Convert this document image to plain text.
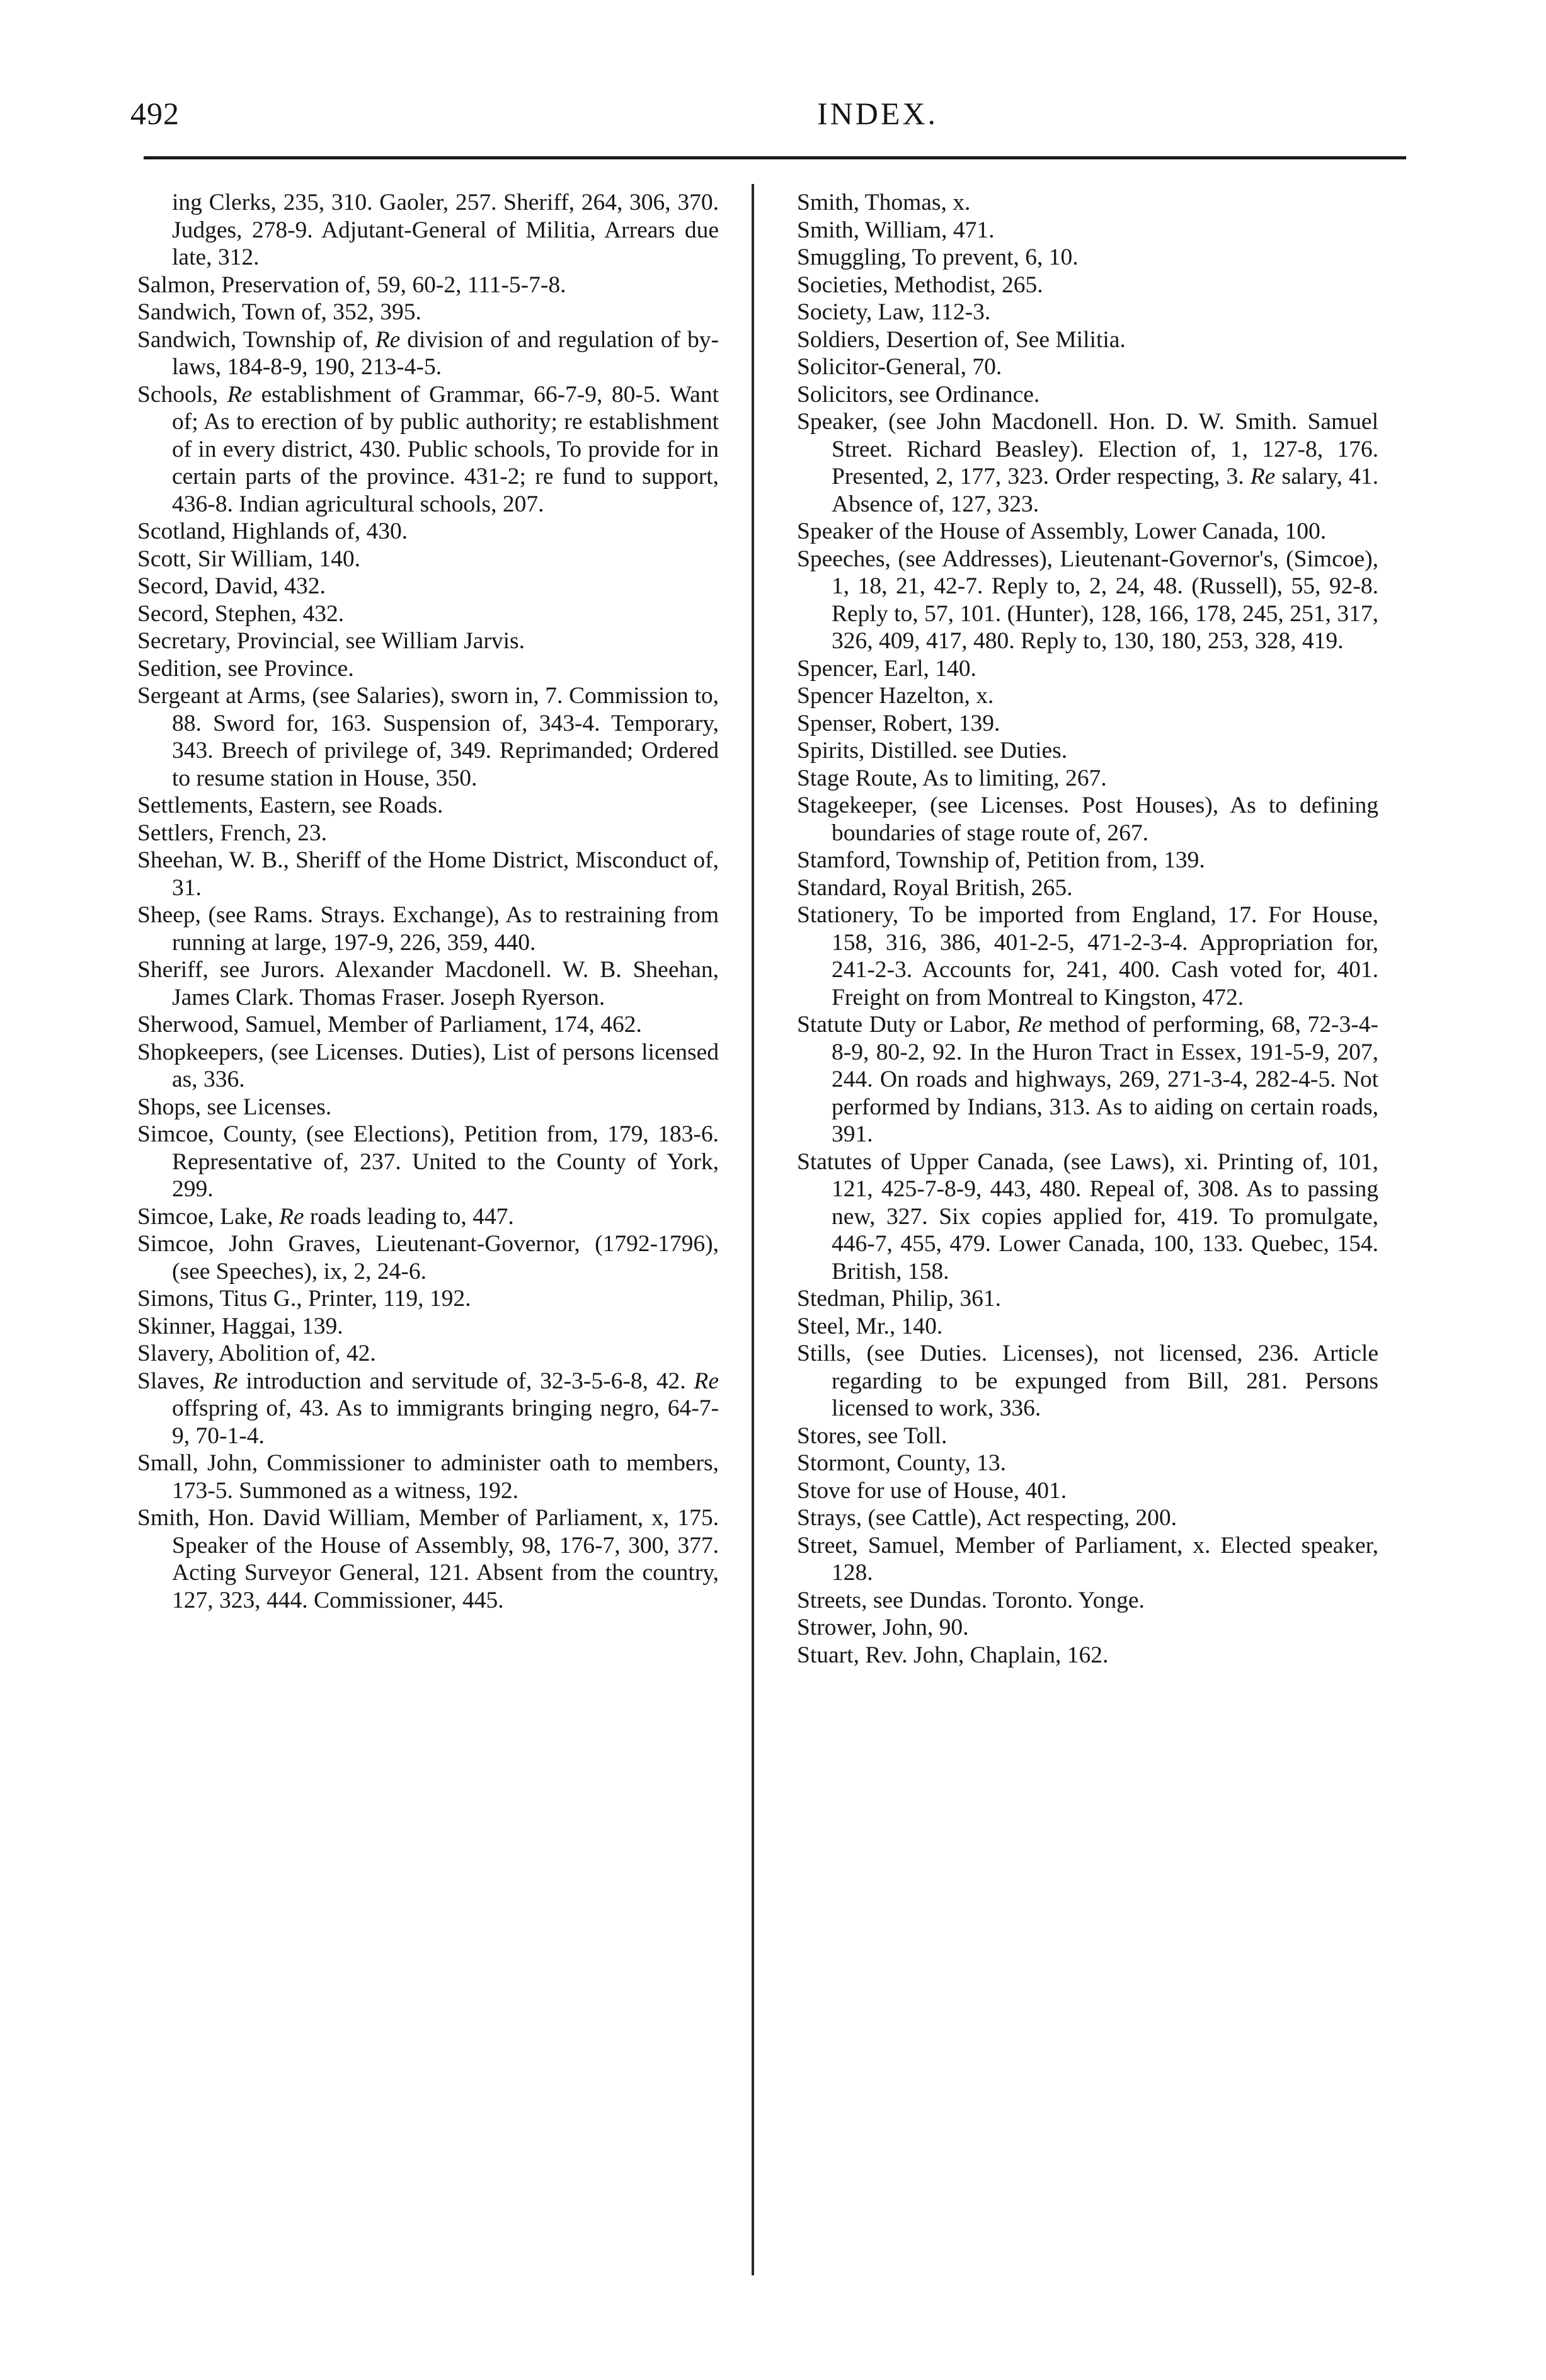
492	INDEX.

ing Clerks, 235, 310. Gaoler, 257. Sheriff, 264, 306, 370. Judges, 278-9. Adjutant-General of Militia, Arrears due late, 312.

Salmon, Preservation of, 59, 60-2, 111-5-7-8.

Sandwich, Town of, 352, 395.

Sandwich, Township of, Re division of and regulation of by-laws, 184-8-9, 190, 213-4-5.

Schools, Re establishment of Grammar, 66-7-9, 80-5. Want of; As to erection of by public authority; re establishment of in every district, 430. Public schools, To provide for in certain parts of the province. 431-2; re fund to support, 436-8. Indian agricultural schools, 207.

Scotland, Highlands of, 430.

Scott, Sir William, 140.

Secord, David, 432.

Secord, Stephen, 432.

Secretary, Provincial, see William Jarvis.

Sedition, see Province.

Sergeant at Arms, (see Salaries), sworn in, 7. Commission to, 88. Sword for, 163. Suspension of, 343-4. Temporary, 343. Breech of privilege of, 349. Reprimanded; Ordered to resume station in House, 350.

Settlements, Eastern, see Roads.

Settlers, French, 23.

Sheehan, W. B., Sheriff of the Home District, Misconduct of, 31.

Sheep, (see Rams. Strays. Exchange), As to restraining from running at large, 197-9, 226, 359, 440.

Sheriff, see Jurors. Alexander Macdonell. W. B. Sheehan, James Clark. Thomas Fraser. Joseph Ryerson.

Sherwood, Samuel, Member of Parliament, 174, 462.

Shopkeepers, (see Licenses. Duties), List of persons licensed as, 336.

Shops, see Licenses.

Simcoe, County, (see Elections), Petition from, 179, 183-6. Representative of, 237. United to the County of York, 299.

Simcoe, Lake, Re roads leading to, 447.

Simcoe, John Graves, Lieutenant-Governor, (1792-1796), (see Speeches), ix, 2, 24-6.

Simons, Titus G., Printer, 119, 192.

Skinner, Haggai, 139.

Slavery, Abolition of, 42.

Slaves, Re introduction and servitude of, 32-3-5-6-8, 42. Re offspring of, 43. As to immigrants bringing negro, 64-7-9, 70-1-4.

Small, John, Commissioner to administer oath to members, 173-5. Summoned as a witness, 192.

Smith, Hon. David William, Member of Parliament, x, 175. Speaker of the House of Assembly, 98, 176-7, 300, 377. Acting Surveyor General, 121. Absent from the country, 127, 323, 444. Commissioner, 445.

Smith, Thomas, x.

Smith, William, 471.

Smuggling, To prevent, 6, 10.

Societies, Methodist, 265.

Society, Law, 112-3.

Soldiers, Desertion of, See Militia.

Solicitor-General, 70.

Solicitors, see Ordinance.

Speaker, (see John Macdonell. Hon. D. W. Smith. Samuel Street. Richard Beasley). Election of, 1, 127-8, 176. Presented, 2, 177, 323. Order respecting, 3. Re salary, 41. Absence of, 127, 323.

Speaker of the House of Assembly, Lower Canada, 100.

Speeches, (see Addresses), Lieutenant-Governor's, (Simcoe), 1, 18, 21, 42-7. Reply to, 2, 24, 48. (Russell), 55, 92-8. Reply to, 57, 101. (Hunter), 128, 166, 178, 245, 251, 317, 326, 409, 417, 480. Reply to, 130, 180, 253, 328, 419.

Spencer, Earl, 140.

Spencer Hazelton, x.

Spenser, Robert, 139.

Spirits, Distilled. see Duties.

Stage Route, As to limiting, 267.

Stagekeeper, (see Licenses. Post Houses), As to defining boundaries of stage route of, 267.

Stamford, Township of, Petition from, 139.

Standard, Royal British, 265.

Stationery, To be imported from England, 17. For House, 158, 316, 386, 401-2-5, 471-2-3-4. Appropriation for, 241-2-3. Accounts for, 241, 400. Cash voted for, 401. Freight on from Montreal to Kingston, 472.

Statute Duty or Labor, Re method of performing, 68, 72-3-4-8-9, 80-2, 92. In the Huron Tract in Essex, 191-5-9, 207, 244. On roads and highways, 269, 271-3-4, 282-4-5. Not performed by Indians, 313. As to aiding on certain roads, 391.

Statutes of Upper Canada, (see Laws), xi. Printing of, 101, 121, 425-7-8-9, 443, 480. Repeal of, 308. As to passing new, 327. Six copies applied for, 419. To promulgate, 446-7, 455, 479. Lower Canada, 100, 133. Quebec, 154. British, 158.

Stedman, Philip, 361.

Steel, Mr., 140.

Stills, (see Duties. Licenses), not licensed, 236. Article regarding to be expunged from Bill, 281. Persons licensed to work, 336.

Stores, see Toll.

Stormont, County, 13.

Stove for use of House, 401.

Strays, (see Cattle), Act respecting, 200.

Street, Samuel, Member of Parliament, x. Elected speaker, 128.

Streets, see Dundas. Toronto. Yonge.

Strower, John, 90.

Stuart, Rev. John, Chaplain, 162.
